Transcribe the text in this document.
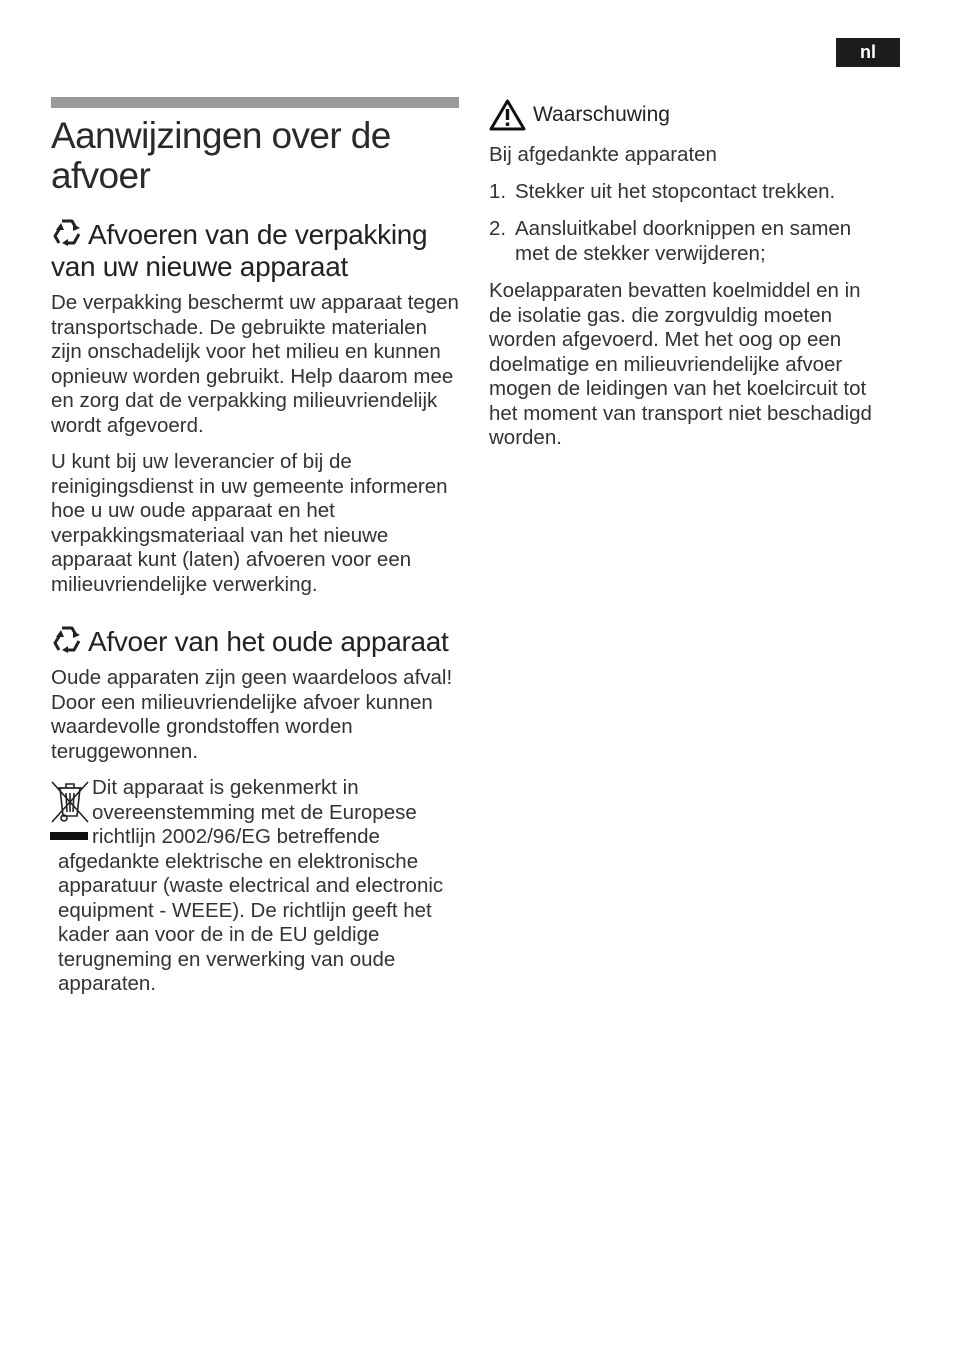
nl
Aanwijzingen over de afvoer
Afvoeren van de verpakking van uw nieuwe apparaat

De verpakking beschermt uw apparaat tegen transportschade. De gebruikte materialen zijn onschadelijk voor het milieu en kunnen opnieuw worden gebruikt. Help daarom mee en zorg dat de verpakking milieuvriendelijk wordt afgevoerd.

U kunt bij uw leverancier of bij de reinigingsdienst in uw gemeente informeren hoe u uw oude apparaat en het verpakkingsmateriaal van het nieuwe apparaat kunt (laten) afvoeren voor een milieuvriendelijke verwerking.

Afvoer van het oude apparaat

Oude apparaten zijn geen waardeloos afval! Door een milieuvriendelijke afvoer kunnen waardevolle grondstoffen worden teruggewonnen.

Dit apparaat is gekenmerkt in

overeenstemming met de Europese

richtlijn 2002/96/EG betreffende

afgedankte elektrische en elektronische apparatuur (waste electrical and electronic equipment - WEEE). De richtlijn geeft het kader aan voor de in de EU geldige terugneming en verwerking van oude apparaten.

Waarschuwing

Bij afgedankte apparaten

1. Stekker uit het stopcontact trekken.
2. Aansluitkabel doorknippen en samen met de stekker verwijderen;

Koelapparaten bevatten koelmiddel en in de isolatie gas. die zorgvuldig moeten worden afgevoerd. Met het oog op een doelmatige en milieuvriendelijke afvoer mogen de leidingen van het koelcircuit tot het moment van transport niet beschadigd worden.
